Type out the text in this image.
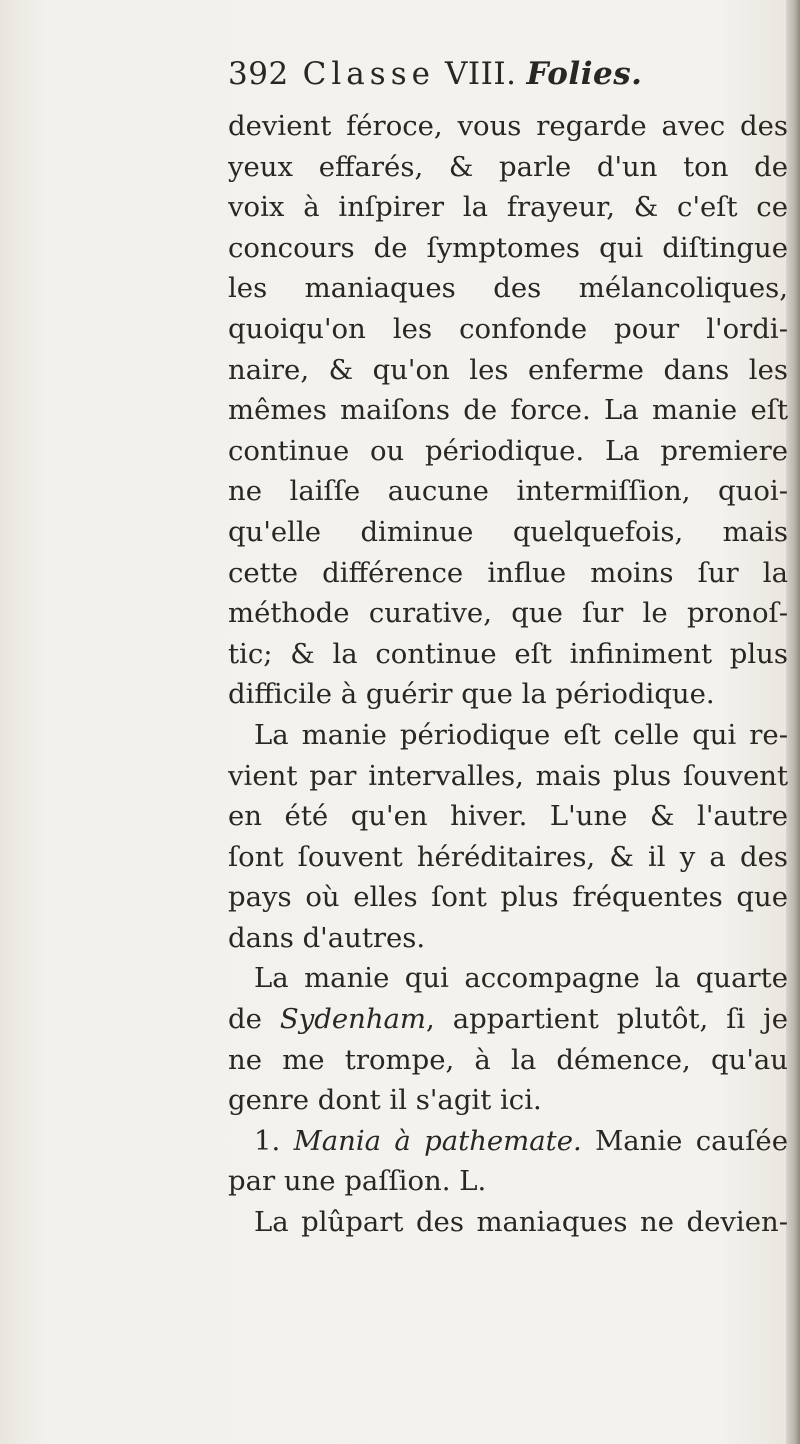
392 Classe VIII. Folies.
devient féroce, vous regarde avec des
yeux effarés, & parle d'un ton de
voix à inſpirer la frayeur, & c'eſt ce
concours de ſymptomes qui diſtingue
les maniaques des mélancoliques,
quoiqu'on les confonde pour l'ordi-
naire, & qu'on les enferme dans les
mêmes maiſons de force. La manie eſt
continue ou périodique. La premiere
ne laiſſe aucune intermiſſion, quoi-
qu'elle diminue quelquefois, mais
cette différence influe moins ſur la
méthode curative, que ſur le pronoſ-
tic; & la continue eſt infiniment plus
difficile à guérir que la périodique.
La manie périodique eſt celle qui re-
vient par intervalles, mais plus ſouvent
en été qu'en hiver. L'une & l'autre
ſont ſouvent héréditaires, & il y a des
pays où elles ſont plus fréquentes que
dans d'autres.
La manie qui accompagne la quarte
de Sydenham, appartient plutôt, ſi je
ne me trompe, à la démence, qu'au
genre dont il s'agit ici.
1. Mania à pathemate. Manie cauſée
par une paſſion. L.
La plûpart des maniaques ne devien-
